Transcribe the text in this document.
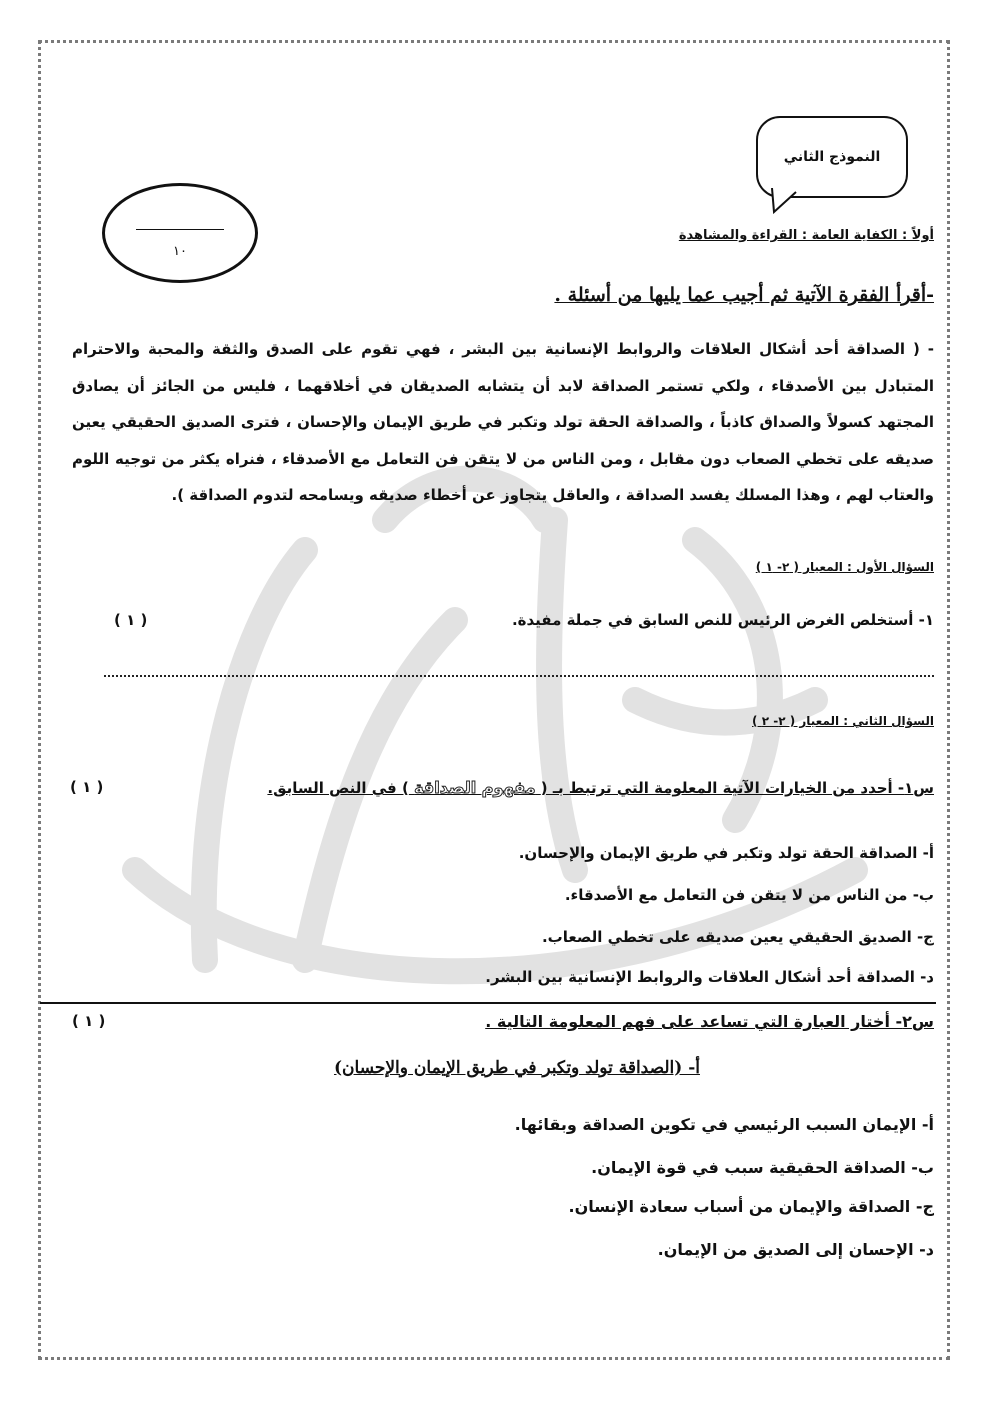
النموذج الثاني
١٠
أولاً : الكفاية العامة : القراءة والمشاهدة
-أقرأ الفقرة الآتية ثم أجيب عما يليها من أسئلة .
- ( الصداقة أحد أشكال العلاقات والروابط الإنسانية بين البشر ، فهي تقوم على الصدق والثقة والمحبة والاحترام المتبادل بين الأصدقاء ، ولكي تستمر الصداقة لابد أن يتشابه الصديقان في أخلاقهما ، فليس من الجائز أن يصادق المجتهد كسولاً والصداق كاذباً ، والصداقة الحقة تولد وتكبر في طريق الإيمان والإحسان ، فترى الصديق الحقيقي يعين صديقه على تخطي الصعاب دون مقابل ، ومن الناس من لا يتقن فن التعامل مع الأصدقاء ، فنراه يكثر من توجيه اللوم والعتاب لهم ، وهذا المسلك يفسد الصداقة ، والعاقل يتجاوز عن أخطاء صديقه ويسامحه لتدوم الصداقة ).
السؤال الأول : المعيار ( ٢- ١ )
١- أستخلص الغرض الرئيس للنص السابق في جملة مفيدة.
( ١ )
السؤال الثاني : المعيار ( ٢- ٢ )
س١- أحدد من الخيارات الآتية المعلومة التي ترتبط بـ ( مفهوم الصداقة ) في النص السابق.
( ١ )
أ- الصداقة الحقة تولد وتكبر في طريق الإيمان والإحسان.
ب- من الناس من لا يتقن فن التعامل مع الأصدقاء.
ج- الصديق الحقيقي يعين صديقه على تخطي الصعاب.
د- الصداقة أحد أشكال العلاقات والروابط الإنسانية بين البشر.
س٢- أختار العبارة التي تساعد على فهم المعلومة التالية .
( ١ )
أ- (الصداقة تولد وتكبر في طريق الإيمان والإحسان)
أ- الإيمان السبب الرئيسي في تكوين الصداقة وبقائها.
ب- الصداقة الحقيقية سبب في قوة الإيمان.
ج- الصداقة والإيمان من أسباب سعادة الإنسان.
د- الإحسان إلى الصديق من الإيمان.
